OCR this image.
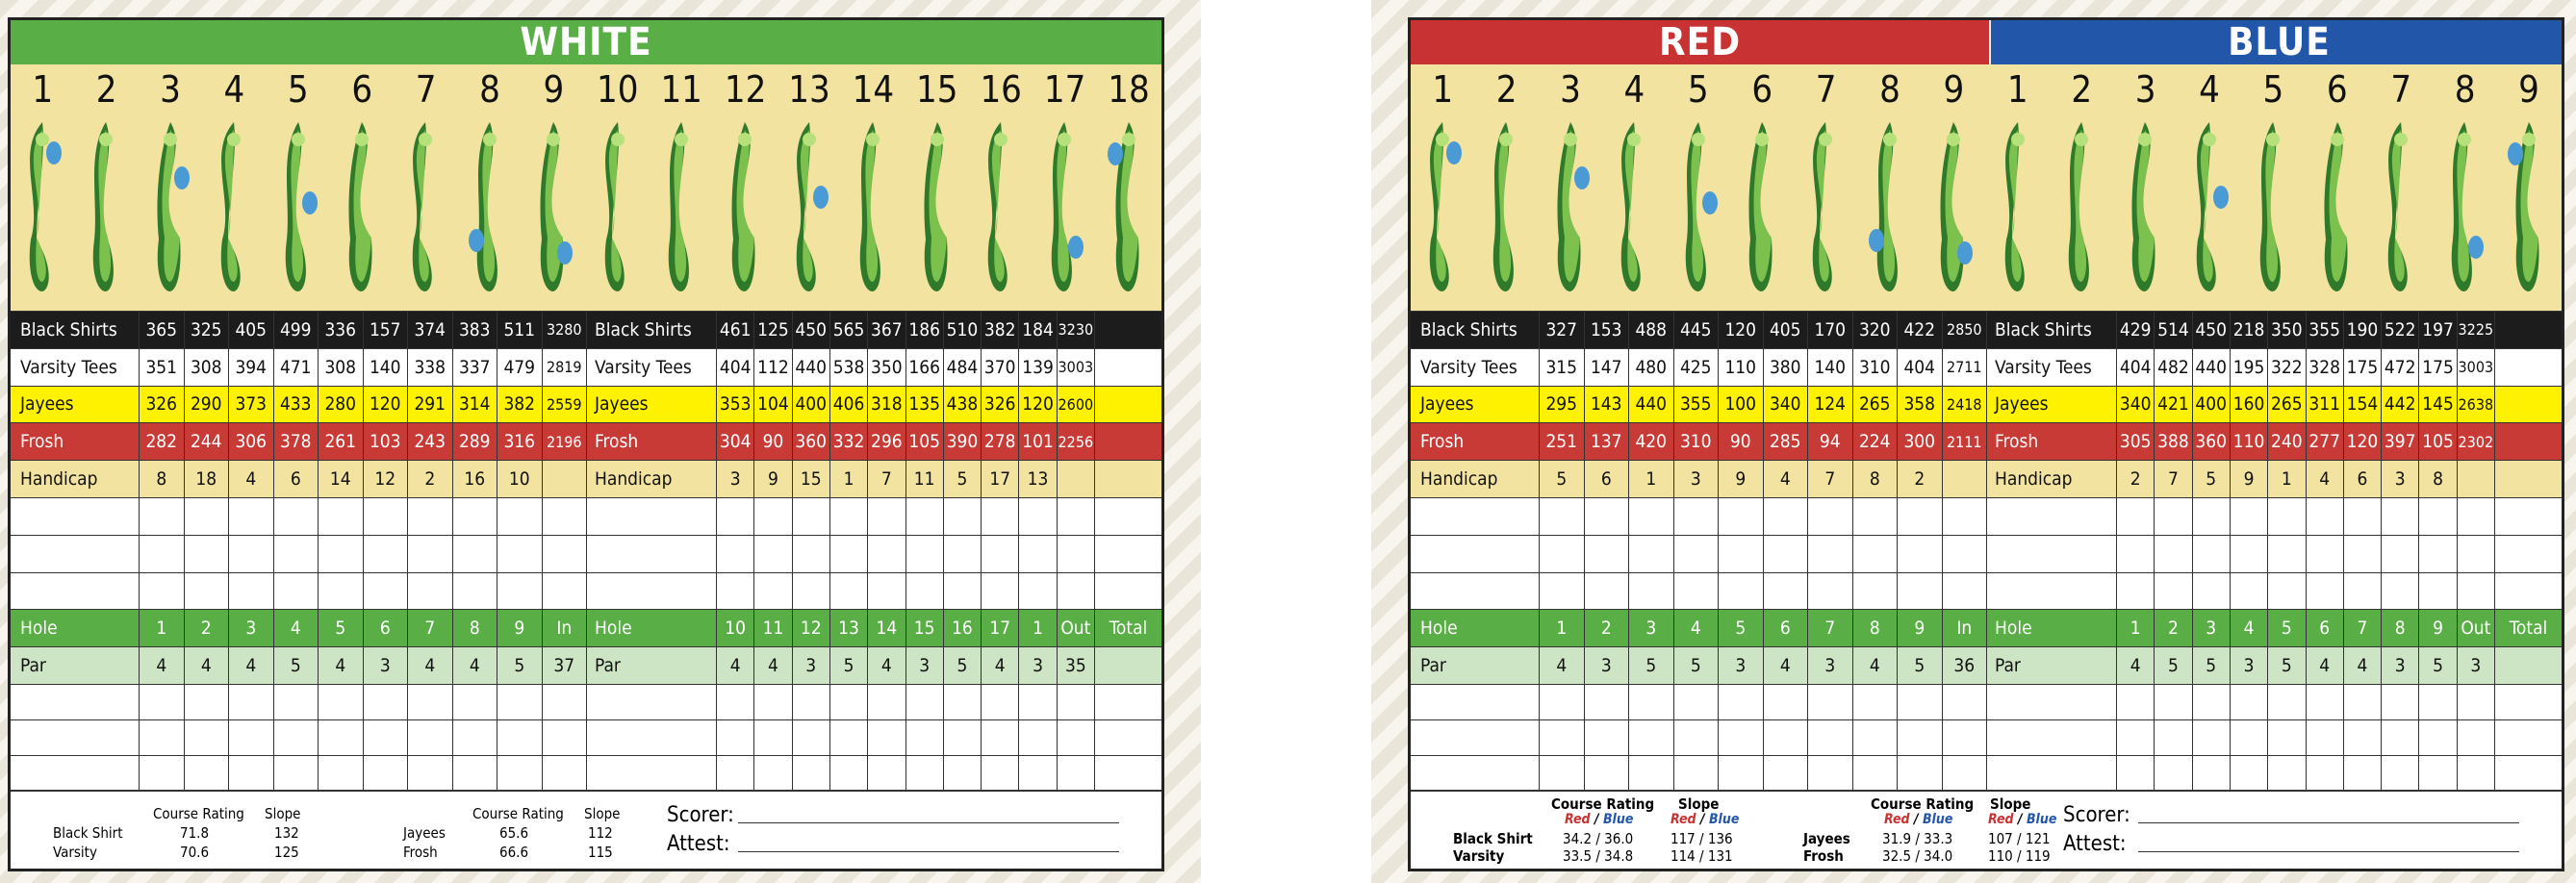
WHITE
1	2	3	4	5	6	7	8	9 10 11 12 13 14 15 16 17 18
Black Shirts	365 325 405 499 336 157 374 383 511 3280 Black Shirts	461 125 450 565 367 186 510 382 184 3230
Varsity Tees	351 308 394 471 308 140 338 337 479 2819 Varsity Tees	404 112 440 538 350 166 484 370 139 3003
Jayees	326 290 373 433 280 120 291 314 382 2559 Jayees	353 104 400 406 318 135 438 326 120 2600
Frosh	282 244 306 378 261 103 243 289 316 2196 Frosh	304 90 360 332 296 105 390 278 101 2256
Handicap	8	18	4	6	14	12	2	16	10	Handicap	3	9	15	1	7	11	5	17 13
Hole	1	2	3	4	5	6	7	8	9	In	Hole	10 11 12 13 14 15 16 17	1 Out	Total
Par	4	4	4	5	4	3	4	4	5	37	Par	4	4	3	5	4	3	5	4	3	35
Course Rating Slope
Black Shirt	71.8	132
Varsity	70.6	125
Course Rating Slope
Jayees	65.6	112
Frosh	66.6	115
Scorer:
Attest:
RED	BLUE
1	2	3	4	5	6	7	8	9	1	2	3	4	5	6	7	8	9
Black Shirts	327 153 488 445 120 405 170 320 422 2850 Black Shirts	429 514 450 218 350 355 190 522 197 3225
Varsity Tees	315 147 480 425 110 380 140 310 404 2711 Varsity Tees	404 482 440 195 322 328 175 472 175 3003
Jayees	295 143 440 355 100 340 124 265 358 2418 Jayees	340 421 400 160 265 311 154 442 145 2638
Frosh	251 137 420 310	90	285	94	224 300 2111 Frosh	305 388 360 110 240 277 120 397 105 2302
Handicap	5	6	1	3	9	4	7	8	2	Handicap	2	7	5	9	1	4	6	3	8
Hole	1	2	3	4	5	6	7	8	9	In	Hole	1	2	3	4	5	6	7	8	9 Out	Total
Par	4	3	5	5	3	4	3	4	5	36	Par	4	5	5	3	5	4	4	3	5	3
Course Rating Slope
Red / Blue	Red / Blue
Black Shirt 34.2 / 36.0	117 / 136
Varsity	33.5 / 34.8	114 / 131
Course Rating Slope
Red / Blue	Red / Blue
Jayees 31.9 / 33.3 107 / 121
Frosh	32.5 / 34.0 110 / 119
Scorer:
Attest:
